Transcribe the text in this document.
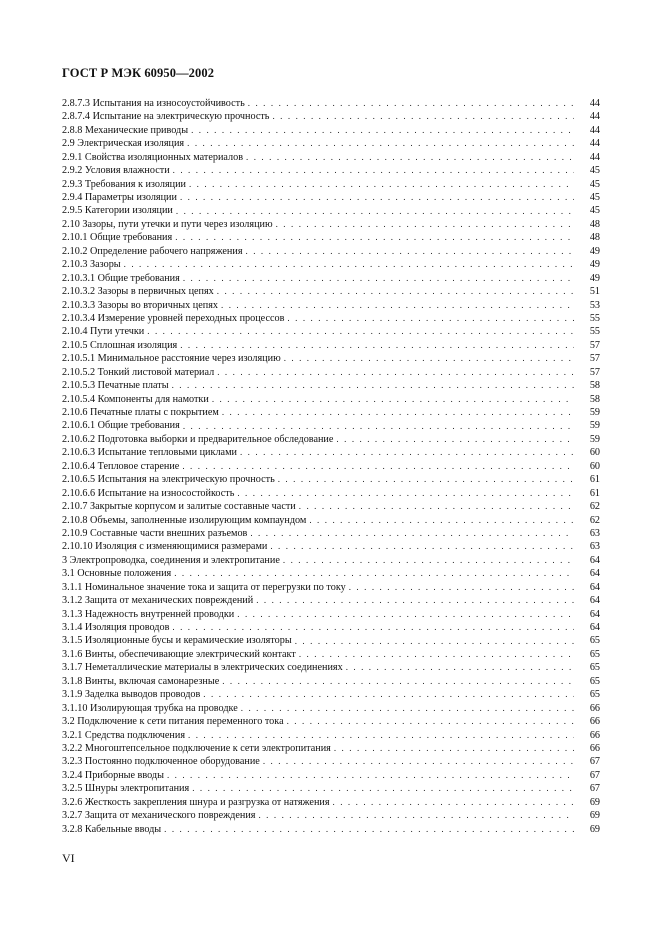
ГОСТ Р МЭК 60950—2002
2.8.7.3 Испытания на износоустойчивость . . .	44
2.8.7.4 Испытание на электрическую прочность . . .	44
2.8.8 Механические приводы . . .	44
2.9 Электрическая изоляция . . .	44
2.9.1 Свойства изоляционных материалов . . .	44
2.9.2 Условия влажности . . .	45
2.9.3 Требования к изоляции . . .	45
2.9.4 Параметры изоляции . . .	45
2.9.5 Категории изоляции . . .	45
2.10 Зазоры, пути утечки и пути через изоляцию . . .	48
2.10.1 Общие требования . . .	48
2.10.2 Определение рабочего напряжения . . .	49
2.10.3 Зазоры . . .	49
2.10.3.1 Общие требования . . .	49
2.10.3.2 Зазоры в первичных цепях . . .	51
2.10.3.3 Зазоры во вторичных цепях . . .	53
2.10.3.4 Измерение уровней переходных процессов . . .	55
2.10.4 Пути утечки . . .	55
2.10.5 Сплошная изоляция . . .	57
2.10.5.1 Минимальное расстояние через изоляцию . . .	57
2.10.5.2 Тонкий листовой материал . . .	57
2.10.5.3 Печатные платы . . .	58
2.10.5.4 Компоненты для намотки . . .	58
2.10.6 Печатные платы с покрытием . . .	59
2.10.6.1 Общие требования . . .	59
2.10.6.2 Подготовка выборки и предварительное обследование . . .	59
2.10.6.3 Испытание тепловыми циклами . . .	60
2.10.6.4 Тепловое старение . . .	60
2.10.6.5 Испытания на электрическую прочность . . .	61
2.10.6.6 Испытание на износостойкость . . .	61
2.10.7 Закрытые корпусом и залитые составные части . . .	62
2.10.8 Объемы, заполненные изолирующим компаундом . . .	62
2.10.9 Составные части внешних разъемов . . .	63
2.10.10 Изоляция с изменяющимися размерами . . .	63
3 Электропроводка, соединения и электропитание . . .	64
3.1 Основные положения . . .	64
3.1.1 Номинальное значение тока и защита от перегрузки по току . . .	64
3.1.2 Защита от механических повреждений . . .	64
3.1.3 Надежность внутренней проводки . . .	64
3.1.4 Изоляция проводов . . .	64
3.1.5 Изоляционные бусы и керамические изоляторы . . .	65
3.1.6 Винты, обеспечивающие электрический контакт . . .	65
3.1.7 Неметаллические материалы в электрических соединениях . . .	65
3.1.8 Винты, включая самонарезные . . .	65
3.1.9 Заделка выводов проводов . . .	65
3.1.10 Изолирующая трубка на проводке . . .	66
3.2 Подключение к сети питания переменного тока . . .	66
3.2.1 Средства подключения . . .	66
3.2.2 Многоштепсельное подключение к сети электропитания . . .	66
3.2.3 Постоянно подключенное оборудование . . .	67
3.2.4 Приборные вводы . . .	67
3.2.5 Шнуры электропитания . . .	67
3.2.6 Жесткость закрепления шнура и разгрузка от натяжения . . .	69
3.2.7 Защита от механического повреждения . . .	69
3.2.8 Кабельные вводы . . .	69
VI
